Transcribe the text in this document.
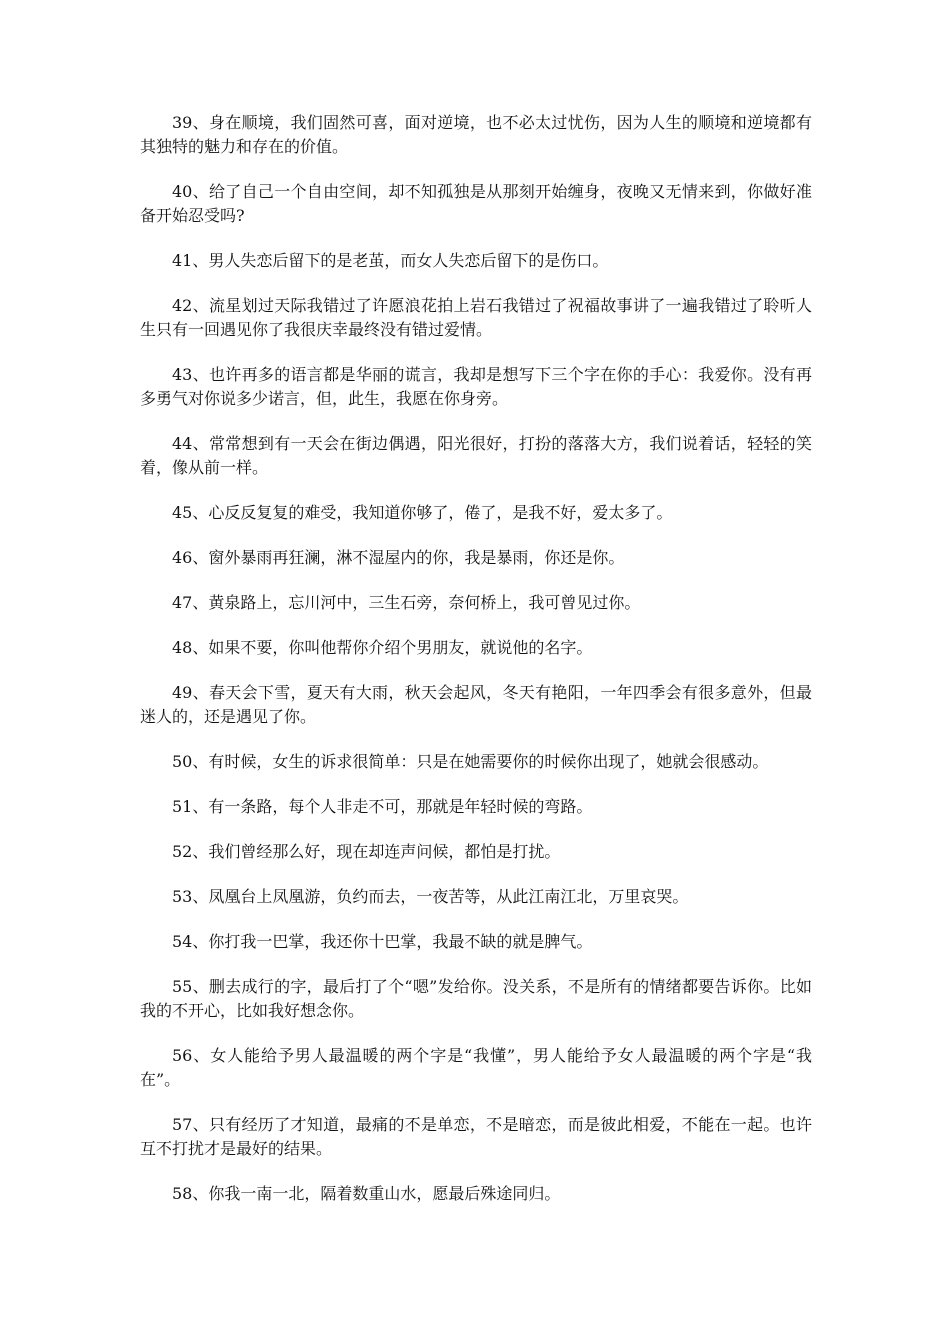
39、身在顺境，我们固然可喜，面对逆境，也不必太过忧伤，因为人生的顺境和逆境都有其独特的魅力和存在的价值。

40、给了自己一个自由空间，却不知孤独是从那刻开始缠身，夜晚又无情来到，你做好准备开始忍受吗?

41、男人失恋后留下的是老茧，而女人失恋后留下的是伤口。

42、流星划过天际我错过了许愿浪花拍上岩石我错过了祝福故事讲了一遍我错过了聆听人生只有一回遇见你了我很庆幸最终没有错过爱情。

43、也许再多的语言都是华丽的谎言，我却是想写下三个字在你的手心：我爱你。没有再多勇气对你说多少诺言，但，此生，我愿在你身旁。

44、常常想到有一天会在街边偶遇，阳光很好，打扮的落落大方，我们说着话，轻轻的笑着，像从前一样。

45、心反反复复的难受，我知道你够了，倦了，是我不好，爱太多了。

46、窗外暴雨再狂澜，淋不湿屋内的你，我是暴雨，你还是你。

47、黄泉路上，忘川河中，三生石旁，奈何桥上，我可曾见过你。

48、如果不要，你叫他帮你介绍个男朋友，就说他的名字。

49、春天会下雪，夏天有大雨，秋天会起风，冬天有艳阳，一年四季会有很多意外，但最迷人的，还是遇见了你。

50、有时候，女生的诉求很简单：只是在她需要你的时候你出现了，她就会很感动。

51、有一条路，每个人非走不可，那就是年轻时候的弯路。

52、我们曾经那么好，现在却连声问候，都怕是打扰。

53、凤凰台上凤凰游，负约而去，一夜苦等，从此江南江北，万里哀哭。

54、你打我一巴掌，我还你十巴掌，我最不缺的就是脾气。

55、删去成行的字，最后打了个“嗯”发给你。没关系，不是所有的情绪都要告诉你。比如我的不开心，比如我好想念你。

56、女人能给予男人最温暖的两个字是“我懂”，男人能给予女人最温暖的两个字是“我在”。

57、只有经历了才知道，最痛的不是单恋，不是暗恋，而是彼此相爱，不能在一起。也许互不打扰才是最好的结果。

58、你我一南一北，隔着数重山水，愿最后殊途同归。
